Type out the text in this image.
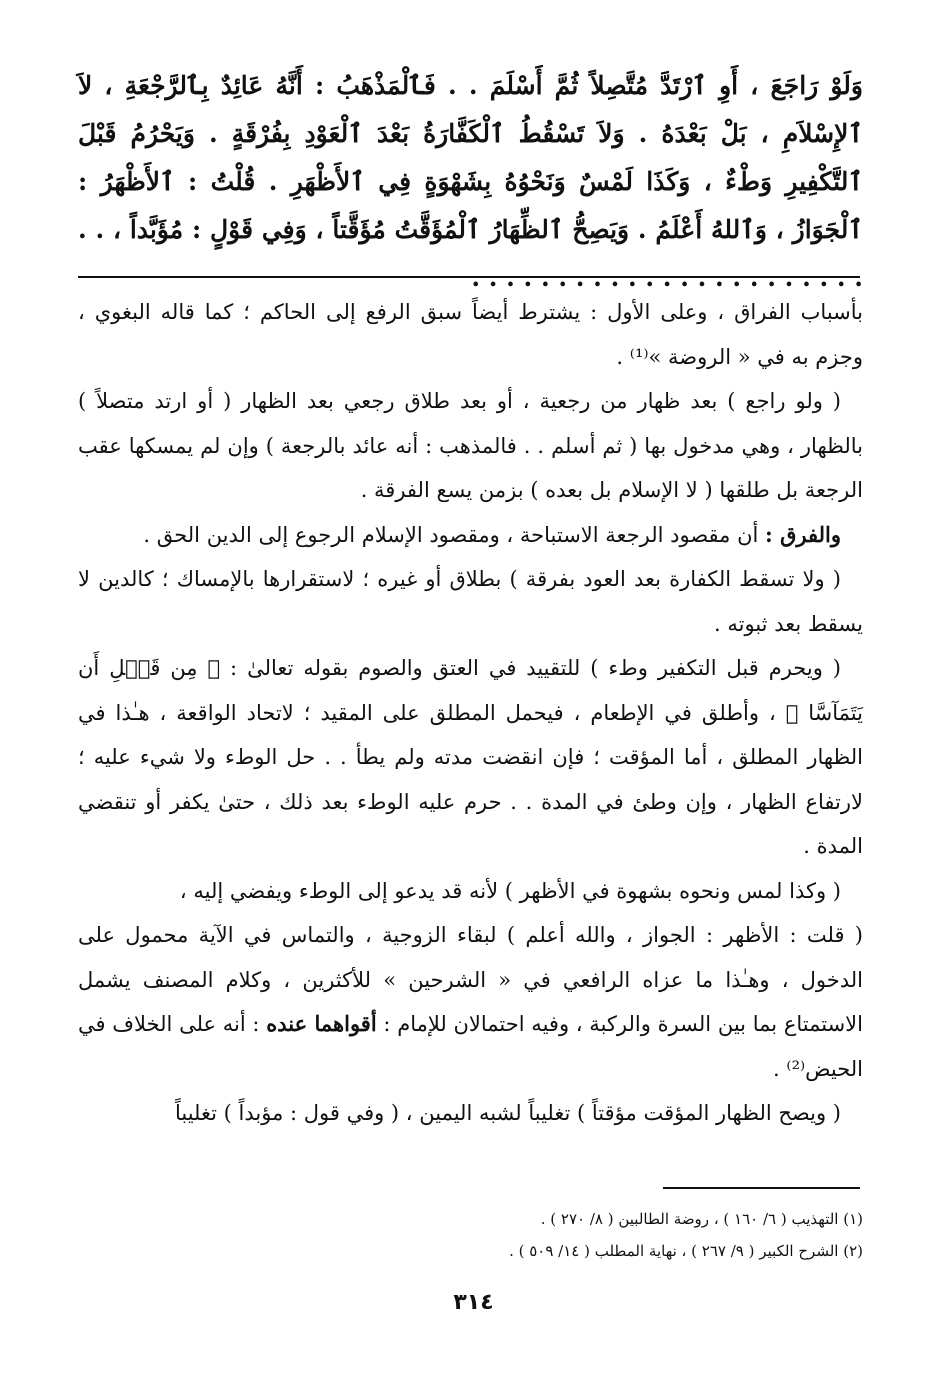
وَلَوْ رَاجَعَ ، أَوِ ٱرْتَدَّ مُتَّصِلاً ثُمَّ أَسْلَمَ . . فَٱلْمَذْهَبُ : أَنَّهُ عَائِدٌ بِٱلرَّجْعَةِ ، لاَ ٱلإِسْلاَمِ ، بَلْ بَعْدَهُ . وَلاَ تَسْقُطُ ٱلْكَفَّارَةُ بَعْدَ ٱلْعَوْدِ بِفُرْقَةٍ . وَيَحْرُمُ قَبْلَ ٱلتَّكْفِيرِ وَطْءٌ ، وَكَذَا لَمْسٌ وَنَحْوُهُ بِشَهْوَةٍ فِي ٱلأَظْهَرِ . قُلْتُ : ٱلأَظْهَرُ : ٱلْجَوَازُ ، وَٱللهُ أَعْلَمُ . وَيَصِحُّ ٱلظِّهَارُ ٱلْمُؤَقَّتُ مُؤَقَّتاً ، وَفِي قَوْلٍ : مُؤَبَّداً ، . . . . . . . . . . . . . . . . . . . . . . . . .

بأسباب الفراق ، وعلى الأول : يشترط أيضاً سبق الرفع إلى الحاكم ؛ كما قاله البغوي ، وجزم به في « الروضة »⁽¹⁾ .

( ولو راجع ) بعد ظهار من رجعية ، أو بعد طلاق رجعي بعد الظهار ( أو ارتد متصلاً ) بالظهار ، وهي مدخول بها ( ثم أسلم . . فالمذهب : أنه عائد بالرجعة ) وإن لم يمسكها عقب الرجعة بل طلقها ( لا الإسلام بل بعده ) بزمن يسع الفرقة .

والفرق : أن مقصود الرجعة الاستباحة ، ومقصود الإسلام الرجوع إلى الدين الحق .

( ولا تسقط الكفارة بعد العود بفرقة ) بطلاق أو غيره ؛ لاستقرارها بالإمساك ؛ كالدين لا يسقط بعد ثبوته .

( ويحرم قبل التكفير وطء ) للتقييد في العتق والصوم بقوله تعالىٰ : ﴿ مِن قَبۡلِ أَن يَتَمَآسَّا ﴾ ، وأطلق في الإطعام ، فيحمل المطلق على المقيد ؛ لاتحاد الواقعة ، هـٰذا في الظهار المطلق ، أما المؤقت ؛ فإن انقضت مدته ولم يطأ . . حل الوطء ولا شيء عليه ؛ لارتفاع الظهار ، وإن وطئ في المدة . . حرم عليه الوطء بعد ذلك ، حتىٰ يكفر أو تنقضي المدة .

( وكذا لمس ونحوه بشهوة في الأظهر ) لأنه قد يدعو إلى الوطء ويفضي إليه ،

( قلت : الأظهر : الجواز ، والله أعلم ) لبقاء الزوجية ، والتماس في الآية محمول على الدخول ، وهـٰذا ما عزاه الرافعي في « الشرحين » للأكثرين ، وكلام المصنف يشمل الاستمتاع بما بين السرة والركبة ، وفيه احتمالان للإمام : أقواهما عنده : أنه على الخلاف في الحيض⁽²⁾ .

( ويصح الظهار المؤقت مؤقتاً ) تغليباً لشبه اليمين ، ( وفي قول : مؤبداً ) تغليباً

(١) التهذيب ( ٦/ ١٦٠ ) ، روضة الطالبين ( ٨/ ٢٧٠ ) .

(٢) الشرح الكبير ( ٩/ ٢٦٧ ) ، نهاية المطلب ( ١٤/ ٥٠٩ ) .

٣١٤
